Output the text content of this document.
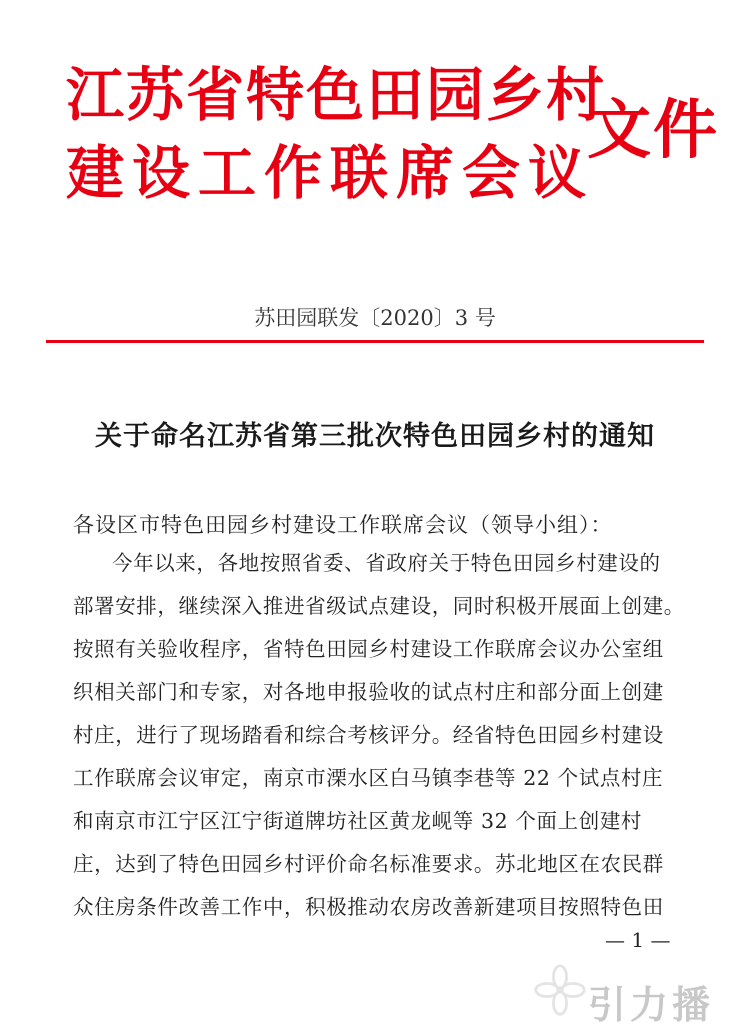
江苏省特色田园乡村
建设工作联席会议
文件
苏田园联发〔2020〕3 号
关于命名江苏省第三批次特色田园乡村的通知
各设区市特色田园乡村建设工作联席会议（领导小组）：
今年以来，各地按照省委、省政府关于特色田园乡村建设的
部署安排，继续深入推进省级试点建设，同时积极开展面上创建。
按照有关验收程序，省特色田园乡村建设工作联席会议办公室组
织相关部门和专家，对各地申报验收的试点村庄和部分面上创建
村庄，进行了现场踏看和综合考核评分。经省特色田园乡村建设
工作联席会议审定，南京市溧水区白马镇李巷等 22 个试点村庄
和南京市江宁区江宁街道牌坊社区黄龙岘等 32 个面上创建村
庄，达到了特色田园乡村评价命名标准要求。苏北地区在农民群
众住房条件改善工作中，积极推动农房改善新建项目按照特色田
— 1 —
引力播
